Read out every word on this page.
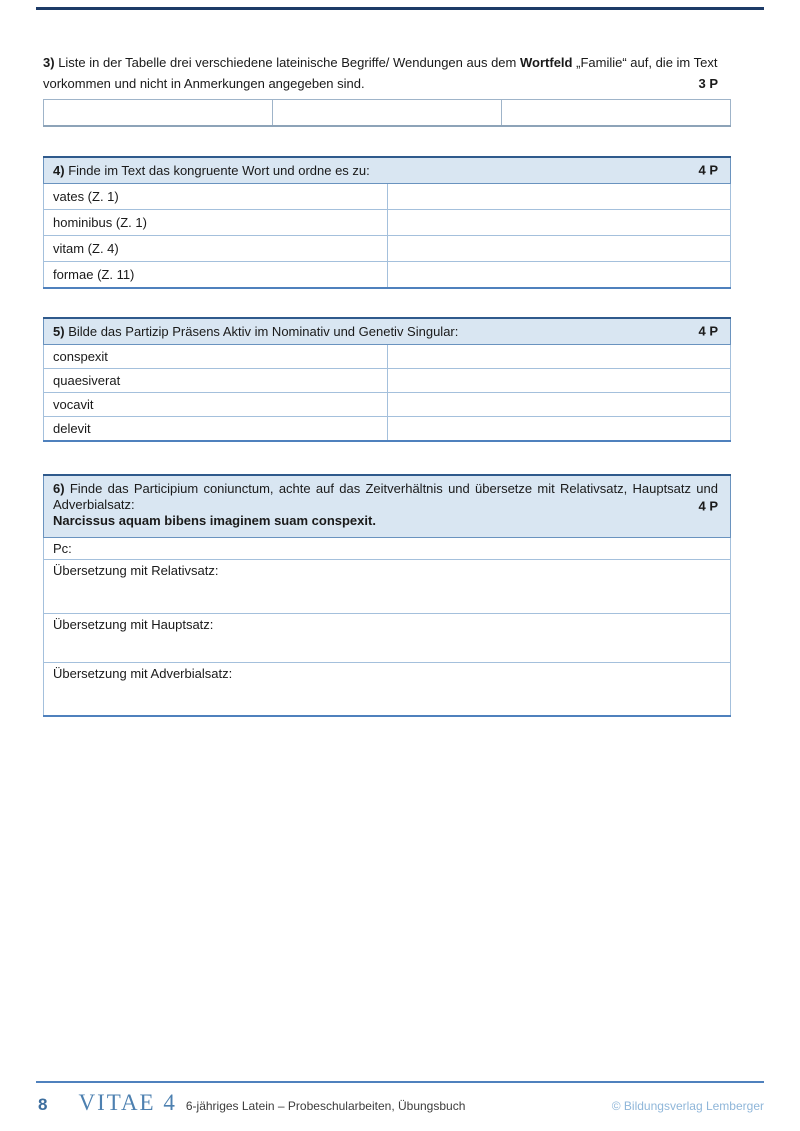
3) Liste in der Tabelle drei verschiedene lateinische Begriffe/ Wendungen aus dem Wortfeld „Familie“ auf, die im Text vorkommen und nicht in Anmerkungen angegeben sind.	3 P

4) Finde im Text das kongruente Wort und ordne es zu: 4 P	

vates (Z. 1)	
hominibus (Z. 1)	
vitam (Z. 4)	
formae (Z. 11)	
5) Bilde das Partizip Präsens Aktiv im Nominativ und Genetiv Singular: 4 P	

conspexit	
quaesiverat	
vocavit	
delevit	
6) Finde das Participium coniunctum, achte auf das Zeitverhältnis und übersetze mit Relativsatz, Hauptsatz und Adverbialsatz:	4 P
Narcissus aquam bibens imaginem suam conspexit.

Pc:
Übersetzung mit Relativsatz:
Übersetzung mit Hauptsatz:
Übersetzung mit Adverbialsatz:
8 VITAE 4 6-jähriges Latein – Probeschularbeiten, Übungsbuch	© Bildungsverlag Lemberger
